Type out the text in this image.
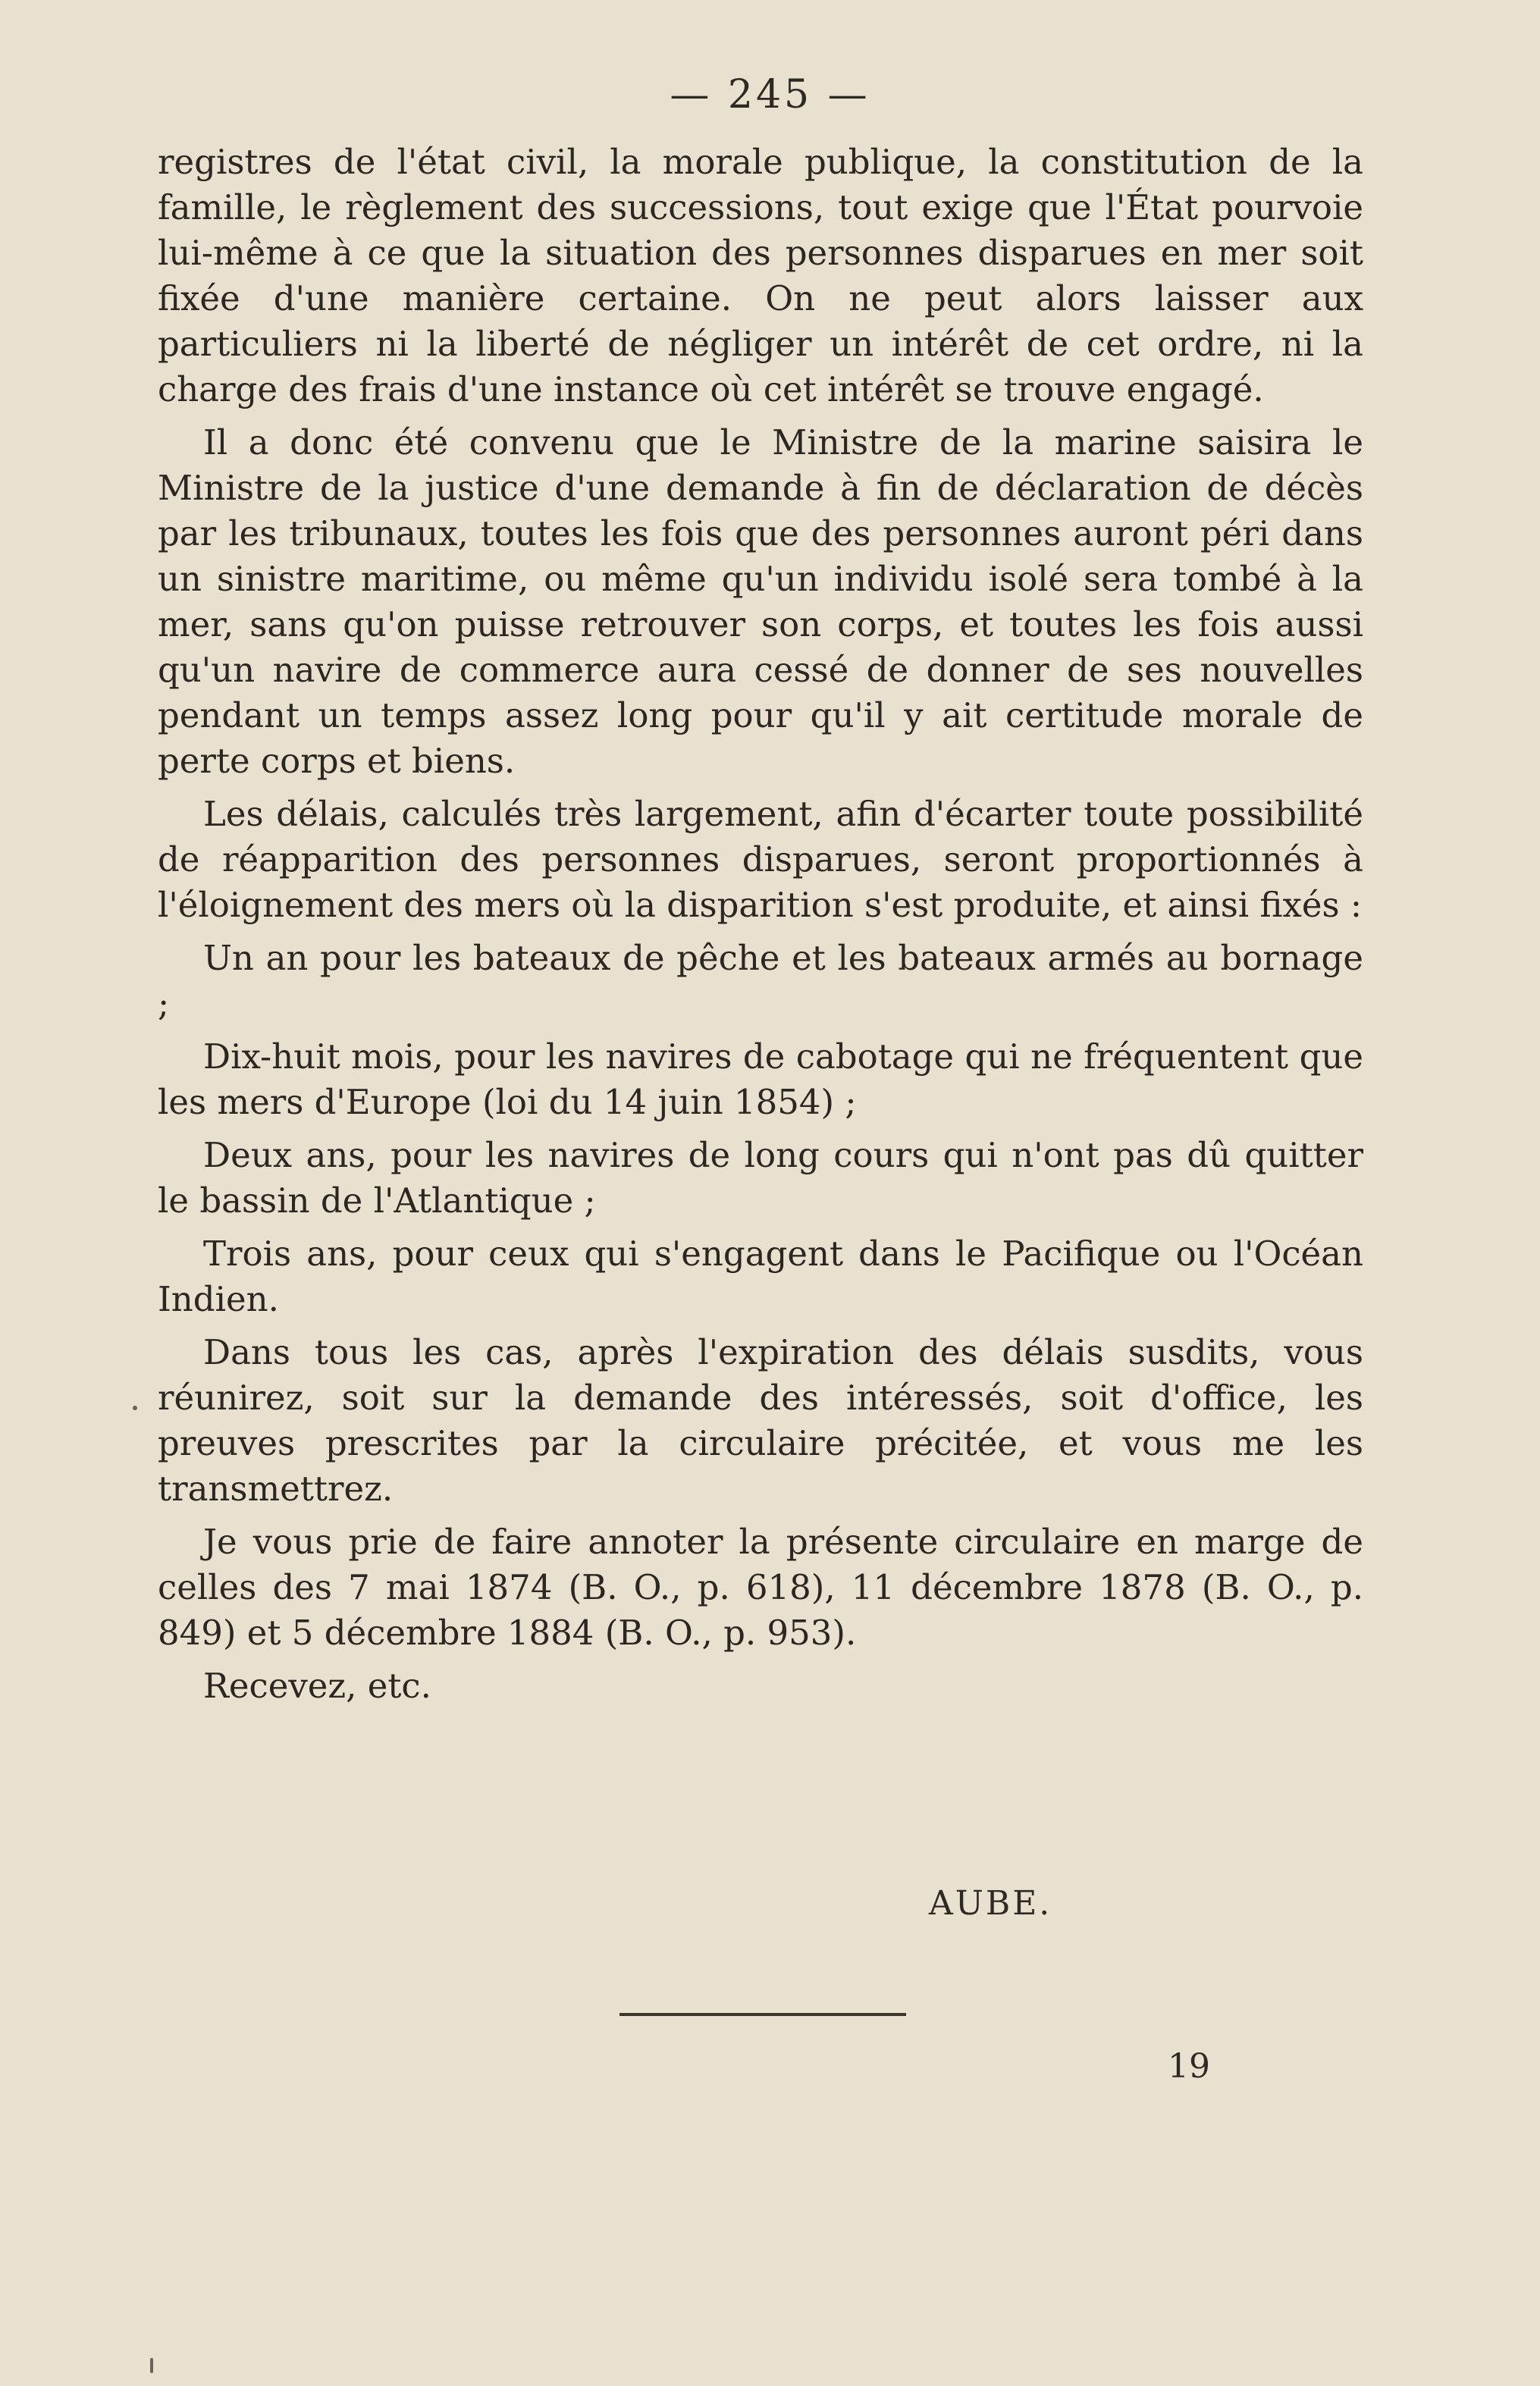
— 245 —

registres de l'état civil, la morale publique, la constitution de la famille, le règlement des successions, tout exige que l'État pourvoie lui-même à ce que la situation des personnes disparues en mer soit fixée d'une manière certaine. On ne peut alors laisser aux particuliers ni la liberté de négliger un intérêt de cet ordre, ni la charge des frais d'une instance où cet intérêt se trouve engagé.

Il a donc été convenu que le Ministre de la marine saisira le Ministre de la justice d'une demande à fin de déclaration de décès par les tribunaux, toutes les fois que des personnes auront péri dans un sinistre maritime, ou même qu'un individu isolé sera tombé à la mer, sans qu'on puisse retrouver son corps, et toutes les fois aussi qu'un navire de commerce aura cessé de donner de ses nouvelles pendant un temps assez long pour qu'il y ait certitude morale de perte corps et biens.

Les délais, calculés très largement, afin d'écarter toute possibilité de réapparition des personnes disparues, seront proportionnés à l'éloignement des mers où la disparition s'est produite, et ainsi fixés :

Un an pour les bateaux de pêche et les bateaux armés au bornage ;

Dix-huit mois, pour les navires de cabotage qui ne fréquentent que les mers d'Europe (loi du 14 juin 1854) ;

Deux ans, pour les navires de long cours qui n'ont pas dû quitter le bassin de l'Atlantique ;

Trois ans, pour ceux qui s'engagent dans le Pacifique ou l'Océan Indien.

Dans tous les cas, après l'expiration des délais susdits, vous réunirez, soit sur la demande des intéressés, soit d'office, les preuves prescrites par la circulaire précitée, et vous me les transmettrez.

Je vous prie de faire annoter la présente circulaire en marge de celles des 7 mai 1874 (B. O., p. 618), 11 décembre 1878 (B. O., p. 849) et 5 décembre 1884 (B. O., p. 953).

Recevez, etc.

AUBE.
19
